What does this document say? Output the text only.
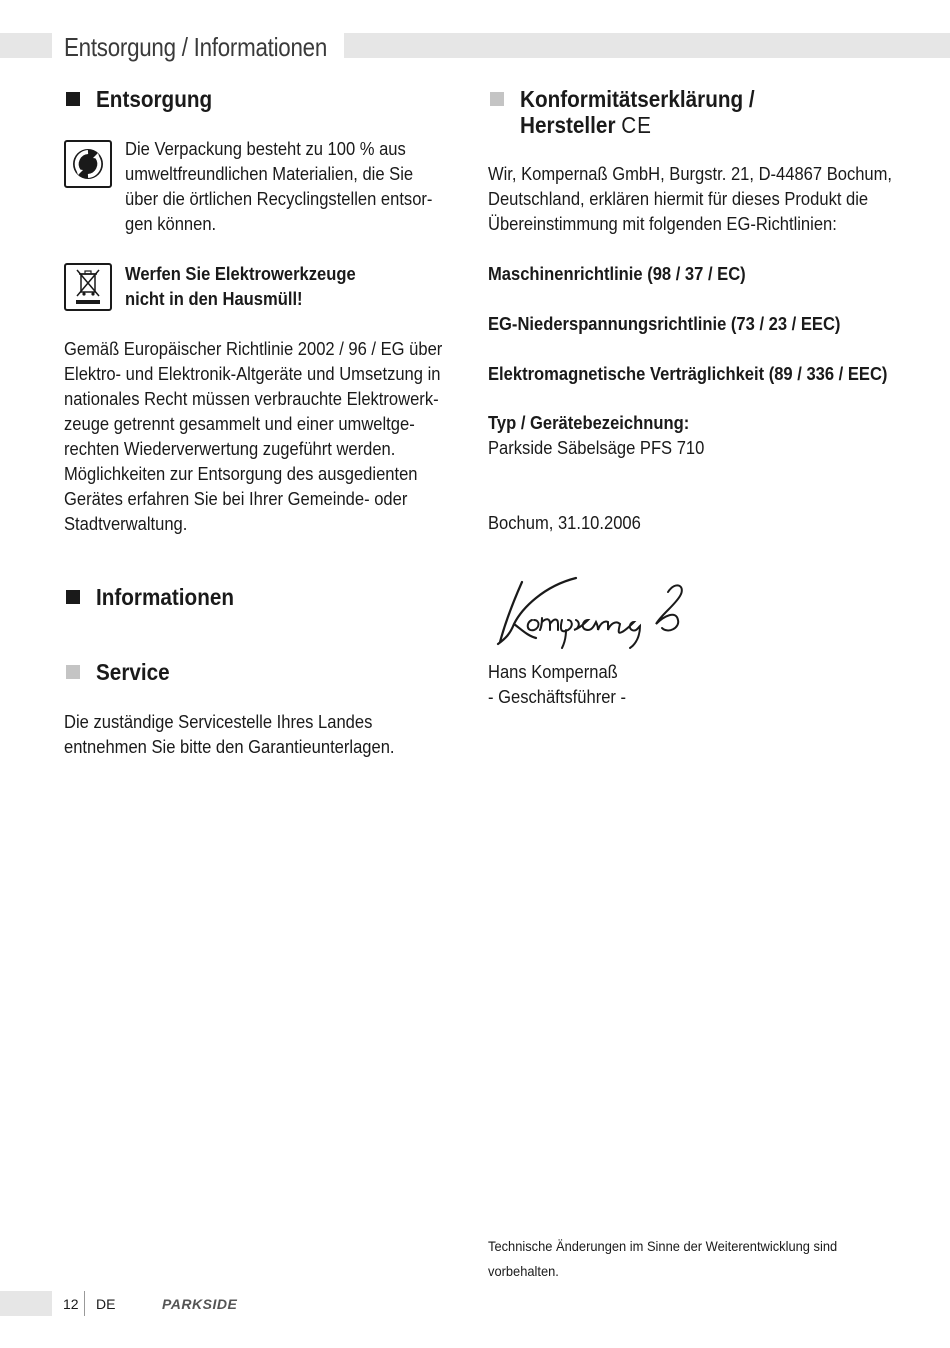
Entsorgung / Informationen
Entsorgung
Die Verpackung besteht zu 100 % aus
umweltfreundlichen Materialien, die Sie
über die örtlichen Recyclingstellen entsor-
gen können.
Werfen Sie Elektrowerkzeuge
nicht in den Hausmüll!
Gemäß Europäischer Richtlinie 2002 / 96 / EG über
Elektro- und Elektronik-Altgeräte und Umsetzung in
nationales Recht müssen verbrauchte Elektrowerk-
zeuge getrennt gesammelt und einer umweltge-
rechten Wiederverwertung zugeführt werden.
Möglichkeiten zur Entsorgung des ausgedienten
Gerätes erfahren Sie bei Ihrer Gemeinde- oder
Stadtverwaltung.
Informationen
Service
Die zuständige Servicestelle Ihres Landes
entnehmen Sie bitte den Garantieunterlagen.
Konformitätserklärung /
Hersteller CE
Wir, Kompernaß GmbH, Burgstr. 21, D-44867 Bochum,
Deutschland, erklären hiermit für dieses Produkt die
Übereinstimmung mit folgenden EG-Richtlinien:
Maschinenrichtlinie (98 / 37 / EC)
EG-Niederspannungsrichtlinie (73 / 23 / EEC)
Elektromagnetische Verträglichkeit (89 / 336 / EEC)
Typ / Gerätebezeichnung:
Parkside Säbelsäge PFS 710
Bochum, 31.10.2006
Hans Kompernaß
- Geschäftsführer -
Technische Änderungen im Sinne der Weiterentwicklung sind
vorbehalten.
12 DE	PARKSIDE
